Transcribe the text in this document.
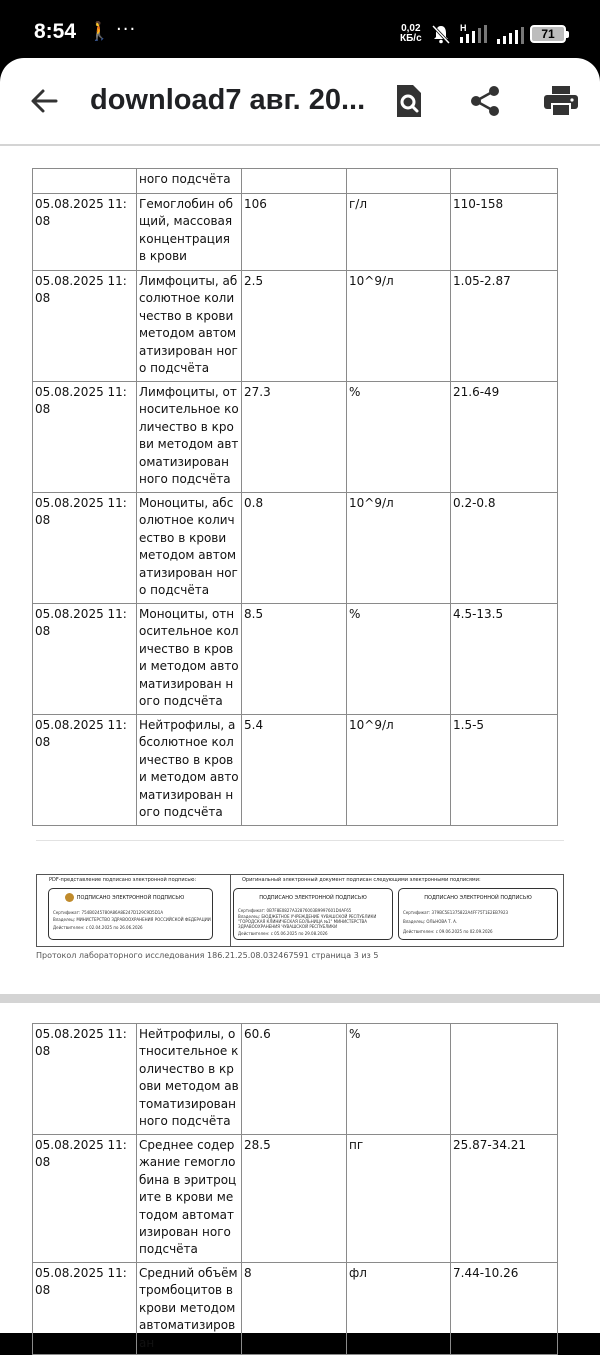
8:54 🚶 ···	0,02
КБ/с
H	71
download7 авг. 20...
	ного подсчёта			
05.08.2025 11:08	Гемоглобин общий, массовая концентрация в крови	106	г/л	110-158
05.08.2025 11:08	Лимфоциты, абсолютное количество в крови методом автоматизирован ного подсчёта	2.5	10^9/л	1.05-2.87
05.08.2025 11:08	Лимфоциты, относительное количество в крови методом автоматизирован ного подсчёта	27.3	%	21.6-49
05.08.2025 11:08	Моноциты, абсолютное количество в крови методом автоматизирован ного подсчёта	0.8	10^9/л	0.2-0.8
05.08.2025 11:08	Моноциты, относительное количество в крови методом автоматизирован ного подсчёта	8.5	%	4.5-13.5
05.08.2025 11:08	Нейтрофилы, абсолютное количество в крови методом автоматизирован ного подсчёта	5.4	10^9/л	1.5-5
PDF-представление подписано электронной подписью:	Оригинальный электронный документ подписан следующими электронными подписями:
ПОДПИСАНО ЭЛЕКТРОННОЙ ПОДПИСЬЮ
Сертификат: 754B0245780A86A8E247D129C9D5D1A
Владелец: МИНИСТЕРСТВО ЗДРАВООХРАНЕНИЯ РОССИЙСКОЙ ФЕДЕРАЦИИ
Действителен: с 02.04.2025 по 26.06.2026
ПОДПИСАНО ЭЛЕКТРОННОЙ ПОДПИСЬЮ
Сертификат: 0B7F8E0827A32876003B9997601D4AF65
Владелец: БЮДЖЕТНОЕ УЧРЕЖДЕНИЕ ЧУВАШСКОЙ РЕСПУБЛИКИ
"ГОРОДСКАЯ КЛИНИЧЕСКАЯ БОЛЬНИЦА №1" МИНИСТЕРСТВА
ЗДРАВООХРАНЕНИЯ ЧУВАШСКОЙ РЕСПУБЛИКИ
Действителен: с 05.06.2025 по 29.08.2026
ПОДПИСАНО ЭЛЕКТРОННОЙ ПОДПИСЬЮ
Сертификат: 379BC5E1375822A4FF75T1E2EB7923
Владелец: ОЛЬНОВА Т. А.
Действителен: с 09.06.2025 по 02.09.2026
Протокол лабораторного исследования 186.21.25.08.032467591 страница 3 из 5
05.08.2025 11:08	Нейтрофилы, относительное количество в крови методом автоматизирован ного подсчёта	60.6	%	
05.08.2025 11:08	Среднее содержание гемоглобина в эритроците в крови методом автоматизирован ного подсчёта	28.5	пг	25.87-34.21
05.08.2025 11:08	Средний объём тромбоцитов в крови методом автоматизирован	8	фл	7.44-10.26
